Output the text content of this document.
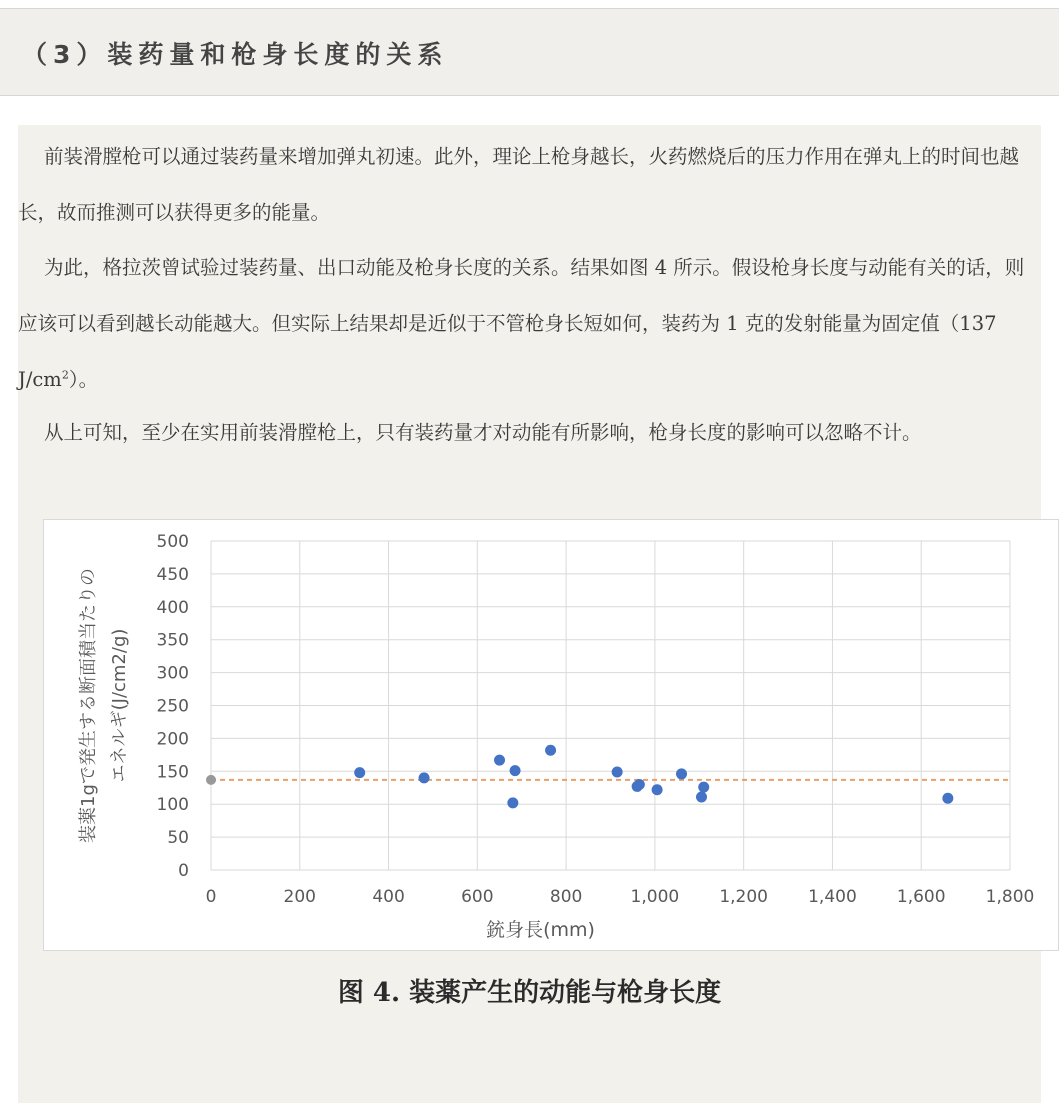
（3）装药量和枪身长度的关系

前装滑膛枪可以通过装药量来增加弹丸初速。此外，理论上枪身越长，火药燃烧后的压力作用在弹丸上的时间也越长，故而推测可以获得更多的能量。

为此，格拉茨曾试验过装药量、出口动能及枪身长度的关系。结果如图 4 所示。假设枪身长度与动能有关的话，则应该可以看到越长动能越大。但实际上结果却是近似于不管枪身长短如何，装药为 1 克的发射能量为固定值（137 $J/cm^2$）。

从上可知，至少在实用前装滑膛枪上，只有装药量才对动能有所影响，枪身长度的影响可以忽略不计。

0
50
100
150
200
250
300
350
400
450
500
0	200	400	600	800	1,000 1,200 1,400 1,600 1,800
銃身長(mm)
装薬1gで発生する断面積当たりの エネルギ(J/cm2/g)
图 4. 装薬产生的动能与枪身长度
